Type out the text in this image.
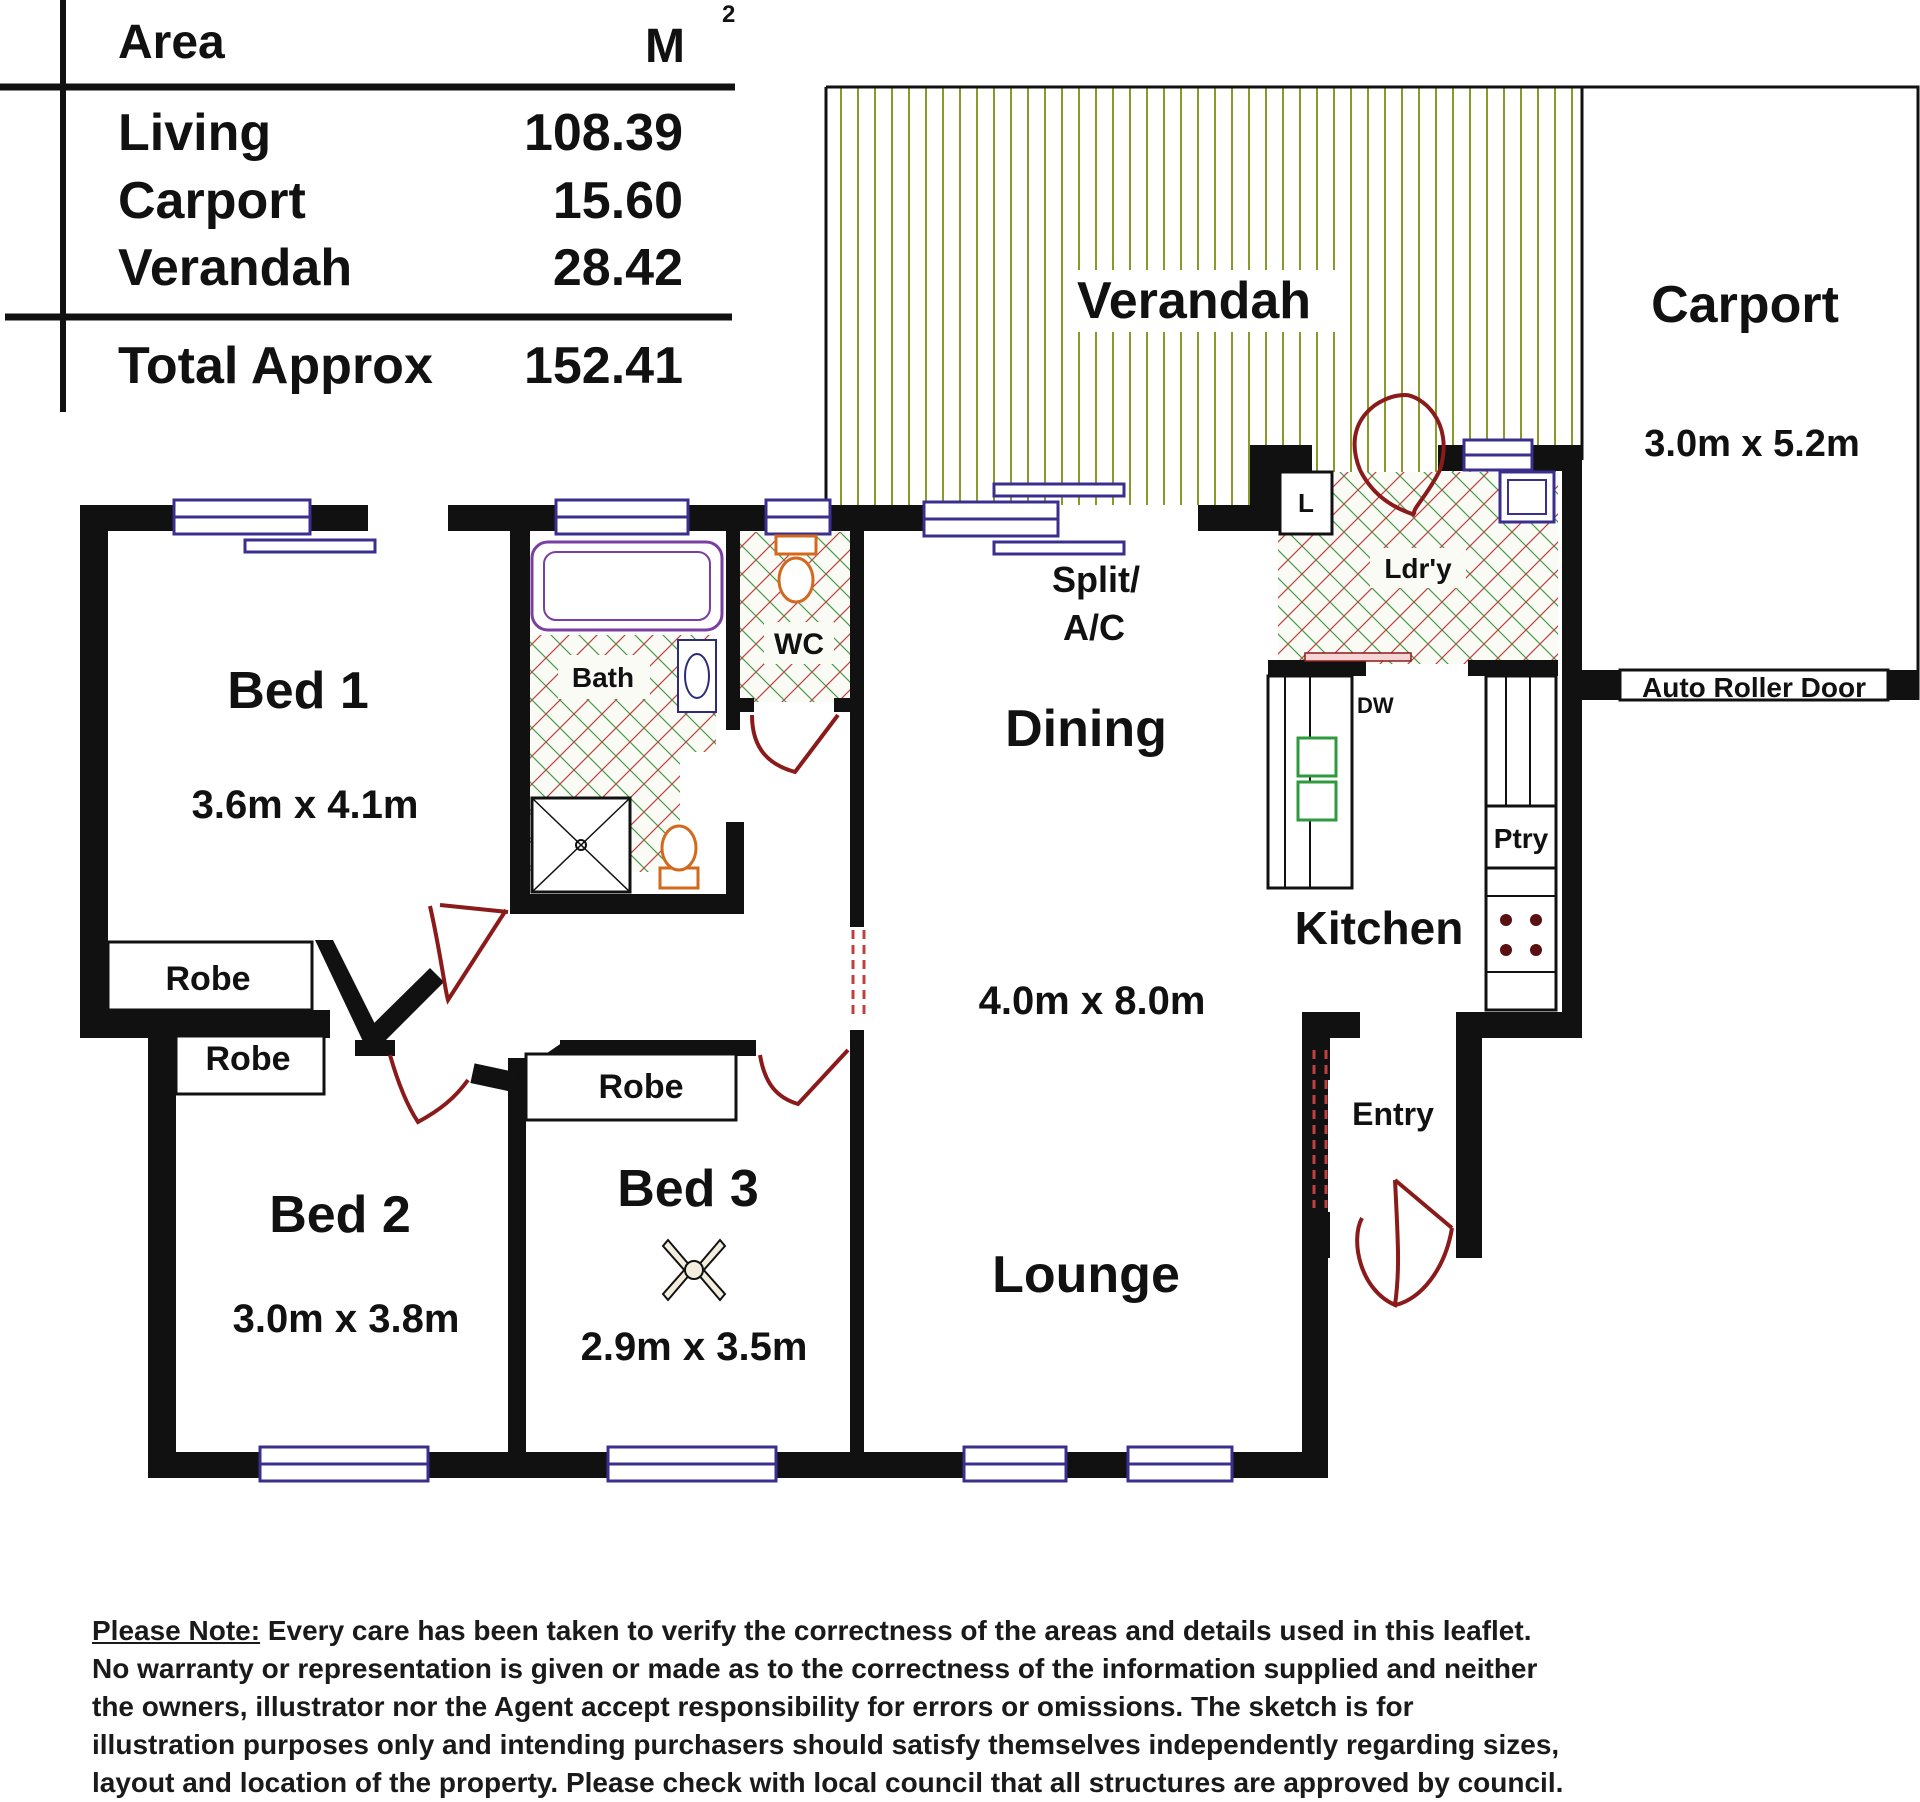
Area	M
2
Living	108.39
Carport	15.60
Verandah	28.42
Total Approx 152.41
Verandah	Carport
3.0m x 5.2m
Auto Roller Door
L
Ldr'y
Bath
WC
DW
Ptry
Robe
Robe
Robe
Split/
A/C
Dining
Kitchen
4.0m x 8.0m
Entry
Lounge
Bed 1
3.6m x 4.1m
Bed 2
3.0m x 3.8m
Bed 3
2.9m x 3.5m
Please Note: Every care has been taken to verify the correctness of the areas and details used in this leaflet.
No warranty or representation is given or made as to the correctness of the information supplied and neither
the owners, illustrator nor the Agent accept responsibility for errors or omissions. The sketch is for
illustration purposes only and intending purchasers should satisfy themselves independently regarding sizes,
layout and location of the property. Please check with local council that all structures are approved by council.
